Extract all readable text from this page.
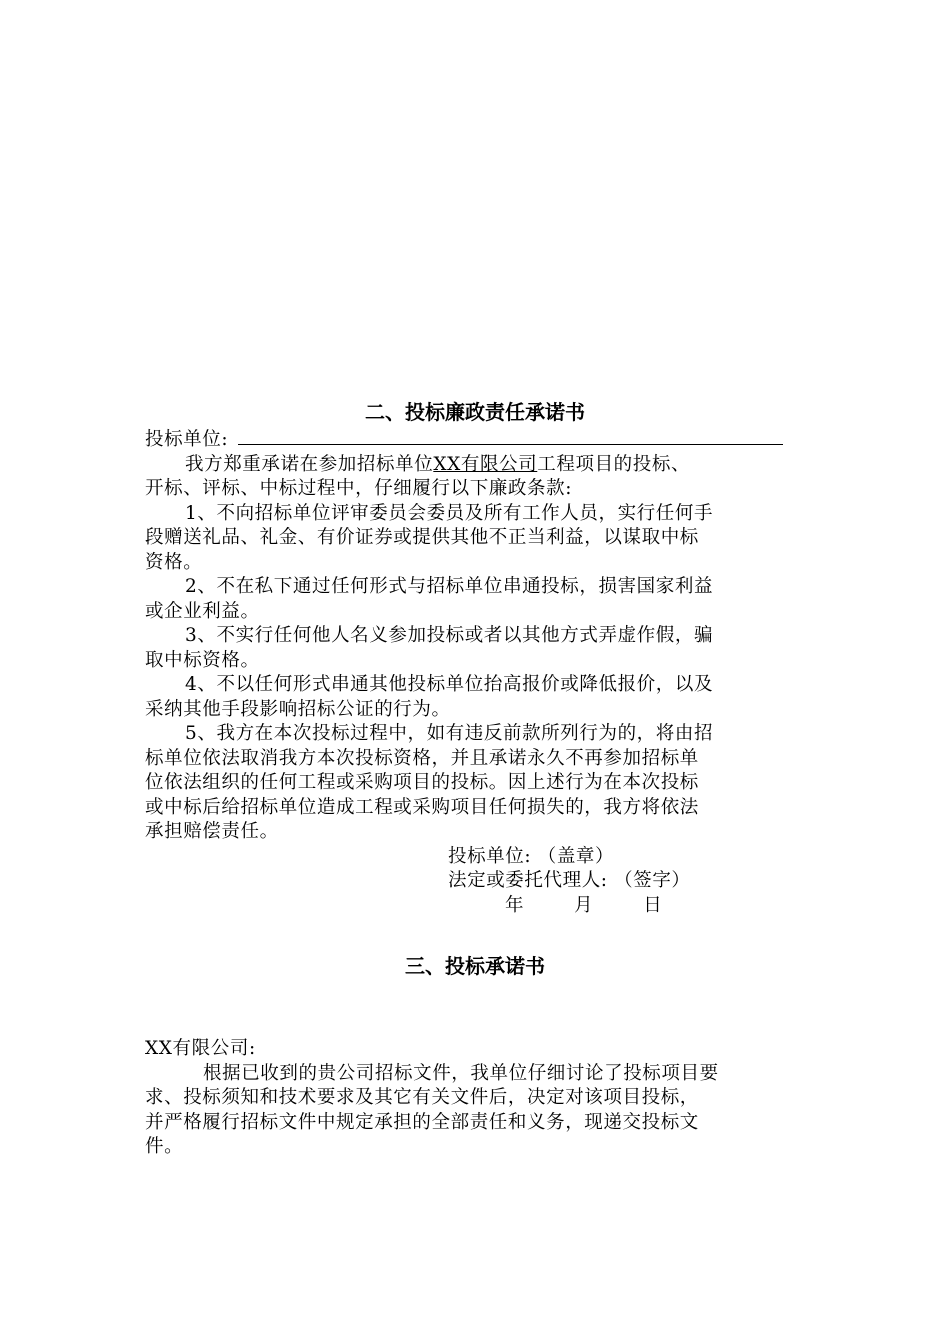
二、投标廉政责任承诺书

投标单位:

我方郑重承诺在参加招标单位XX有限公司工程项目的投标、

开标、评标、中标过程中，仔细履行以下廉政条款:

1、不向招标单位评审委员会委员及所有工作人员，实行任何手

段赠送礼品、礼金、有价证券或提供其他不正当利益，以谋取中标

资格。

2、不在私下通过任何形式与招标单位串通投标，损害国家利益

或企业利益。

3、不实行任何他人名义参加投标或者以其他方式弄虚作假，骗

取中标资格。

4、不以任何形式串通其他投标单位抬高报价或降低报价，以及

采纳其他手段影响招标公证的行为。

5、我方在本次投标过程中，如有违反前款所列行为的，将由招

标单位依法取消我方本次投标资格，并且承诺永久不再参加招标单

位依法组织的任何工程或采购项目的投标。因上述行为在本次投标

或中标后给招标单位造成工程或采购项目任何损失的，我方将依法

承担赔偿责任。

投标单位: （盖章）

法定或委托代理人: （签字）

年	月	日

三、投标承诺书

XX有限公司:

根据已收到的贵公司招标文件，我单位仔细讨论了投标项目要

求、投标须知和技术要求及其它有关文件后，决定对该项目投标，

并严格履行招标文件中规定承担的全部责任和义务，现递交投标文

件。
